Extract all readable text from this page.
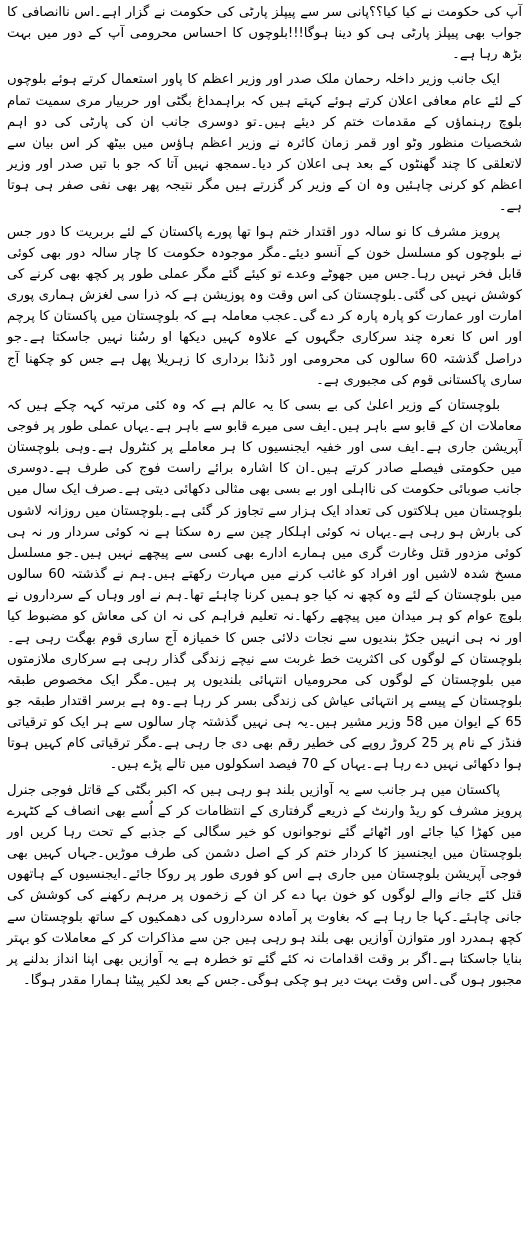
آپ کی حکومت نے کیا کیا؟؟پانی سر سے پیپلز پارٹی کی حکومت نے گزار اہے۔اس ناانصافی کا جواب بھی پیپلز پارٹی ہی کو دینا ہوگا!!!بلوچوں کا احساس محرومی آپ کے دور میں بہت بڑھ رہا ہے۔

ایک جانب وزیر داخلہ رحمان ملک صدر اور وزیر اعظم کا پاور استعمال کرتے ہوئے بلوچوں کے لئے عام معافی اعلان کرتے ہوئے کہتے ہیں کہ براہمداغ بگٹی اور حربیار مری سمیت تمام بلوچ رہنماؤں کے مقدمات ختم کر دیئے ہیں۔تو دوسری جانب ان کی پارٹی کی دو اہم شخصیات منظور وٹو اور قمر زمان کائرہ نے وزیر اعظم ہاؤس میں بیٹھ کر اس بیان سے لاتعلقی کا چند گھنٹوں کے بعد ہی اعلان کر دیا۔سمجھ نہیں آتا کہ جو با تیں صدر اور وزیر اعظم کو کرنی چاہئیں وہ ان کے وزیر کر گزرتے ہیں مگر نتیجہ پھر بھی نفی صفر ہی ہوتا ہے۔

پرویز مشرف کا نو سالہ دور اقتدار ختم ہوا تھا پورے پاکستان کے لئے بربریت کا دور جس نے بلوچوں کو مسلسل خون کے آنسو دیئے۔مگر موجودہ حکومت کا چار سالہ دور بھی کوئی قابل فخر نہیں رہا۔جس میں جھوٹے وعدے تو کیئے گئے مگر عملی طور پر کچھ بھی کرنے کی کوشش نہیں کی گئی۔بلوچستان کی اس وقت وہ پوزیشن ہے کہ ذرا سی لغزش ہماری پوری امارت اور عمارت کو پارہ پارہ کر دے گی۔عجب معاملہ ہے کہ بلوچستان میں پاکستان کا پرچم اور اس کا نعرہ چند سرکاری جگہوں کے علاوہ کہیں دیکھا او رسُنا نہیں جاسکتا ہے۔جو دراصل گذشتہ 60 سالوں کی محرومی اور ڈنڈا برداری کا زہریلا پھل ہے جس کو چکھنا آج ساری پاکستانی قوم کی مجبوری ہے۔

بلوچستان کے وزیر اعلیٰ کی بے بسی کا یہ عالم ہے کہ وہ کئی مرتبہ کہہ چکے ہیں کہ معاملات ان کے قابو سے باہر ہیں۔ایف سی میرے قابو سے باہر ہے۔یہاں عملی طور پر فوجی آپریشن جاری ہے۔ایف سی اور خفیہ ایجنسیوں کا ہر معاملے پر کنٹرول ہے۔وہی بلوچستان میں حکومتی فیصلے صادر کرتے ہیں۔ان کا اشارہ برائے راست فوج کی طرف ہے۔دوسری جانب صوبائی حکومت کی نااہلی اور بے بسی بھی مثالی دکھائی دیتی ہے۔صرف ایک سال میں بلوچستان میں ہلاکتوں کی تعداد ایک ہزار سے تجاوز کر گئی ہے۔بلوچستان میں روزانہ لاشوں کی بارش ہو رہی ہے۔یہاں نہ کوئی اہلکار چین سے رہ سکتا ہے نہ کوئی سردار ور نہ ہی کوئی مزدور قتل وغارت گری میں ہمارے ادارے بھی کسی سے پیچھے نہیں ہیں۔جو مسلسل مسخ شدہ لاشیں اور افراد کو غائب کرنے میں مہارت رکھتے ہیں۔ہم نے گذشتہ 60 سالوں میں بلوچستان کے لئے وہ کچھ نہ کیا جو ہمیں کرنا چاہئے تھا۔ہم نے اور وہاں کے سرداروں نے بلوچ عوام کو ہر میدان میں پیچھے رکھا۔نہ تعلیم فراہم کی نہ ان کی معاش کو مضبوط کیا اور نہ ہی انہیں جکڑ بندیوں سے نجات دلائی جس کا خمیازہ آج ساری قوم بھگت رہی ہے۔بلوچستان کے لوگوں کی اکثریت خط غربت سے نیچے زندگی گذار رہی ہے سرکاری ملازمتوں میں بلوچستان کے لوگوں کی محرومیاں انتہائی بلندیوں پر ہیں۔مگر ایک مخصوص طبقہ بلوچستان کے پیسے پر انتہائی عیاش کی زندگی بسر کر رہا ہے۔وہ ہے برسر اقتدار طبقہ جو 65 کے ایوان میں 58 وزیر مشیر ہیں۔یہ ہی نہیں گذشتہ چار سالوں سے ہر ایک کو ترقیاتی فنڈز کے نام پر 25 کروڑ روپے کی خطیر رقم بھی دی جا رہی ہے۔مگر ترقیاتی کام کہیں ہوتا ہوا دکھائی نہیں دے رہا ہے۔یہاں کے 70 فیصد اسکولوں میں تالے پڑے ہیں۔

پاکستان میں ہر جانب سے یہ آوازیں بلند ہو رہی ہیں کہ اکبر بگٹی کے قاتل فوجی جنرل پرویز مشرف کو ریڈ وارنٹ کے ذریعے گرفتاری کے انتظامات کر کے اُسے بھی انصاف کے کٹہرے میں کھڑا کیا جائے اور اٹھائے گئے نوجوانوں کو خیر سگالی کے جذبے کے تحت رہا کریں اور بلوچستان میں ایجنسیز کا کردار ختم کر کے اصل دشمن کی طرف موڑیں۔جہاں کہیں بھی فوجی آپریشن بلوچستان میں جاری ہے اس کو فوری طور پر روکا جائے۔ایجنسیوں کے ہاتھوں قتل کئے جانے والے لوگوں کو خون بہا دے کر ان کے زخموں پر مرہم رکھنے کی کوشش کی جانی چاہئے۔کہا جا رہا ہے کہ بغاوت پر آمادہ سرداروں کی دھمکیوں کے ساتھ بلوچستان سے کچھ ہمدرد اور متوازن آوازیں بھی بلند ہو رہی ہیں جن سے مذاکرات کر کے معاملات کو بہتر بنایا جاسکتا ہے۔اگر بر وقت اقدامات نہ کئے گئے تو خطرہ ہے یہ آوازیں بھی اپنا انداز بدلنے پر مجبور ہوں گی۔اس وقت بہت دیر ہو چکی ہوگی۔جس کے بعد لکیر پیٹنا ہمارا مقدر ہوگا۔
